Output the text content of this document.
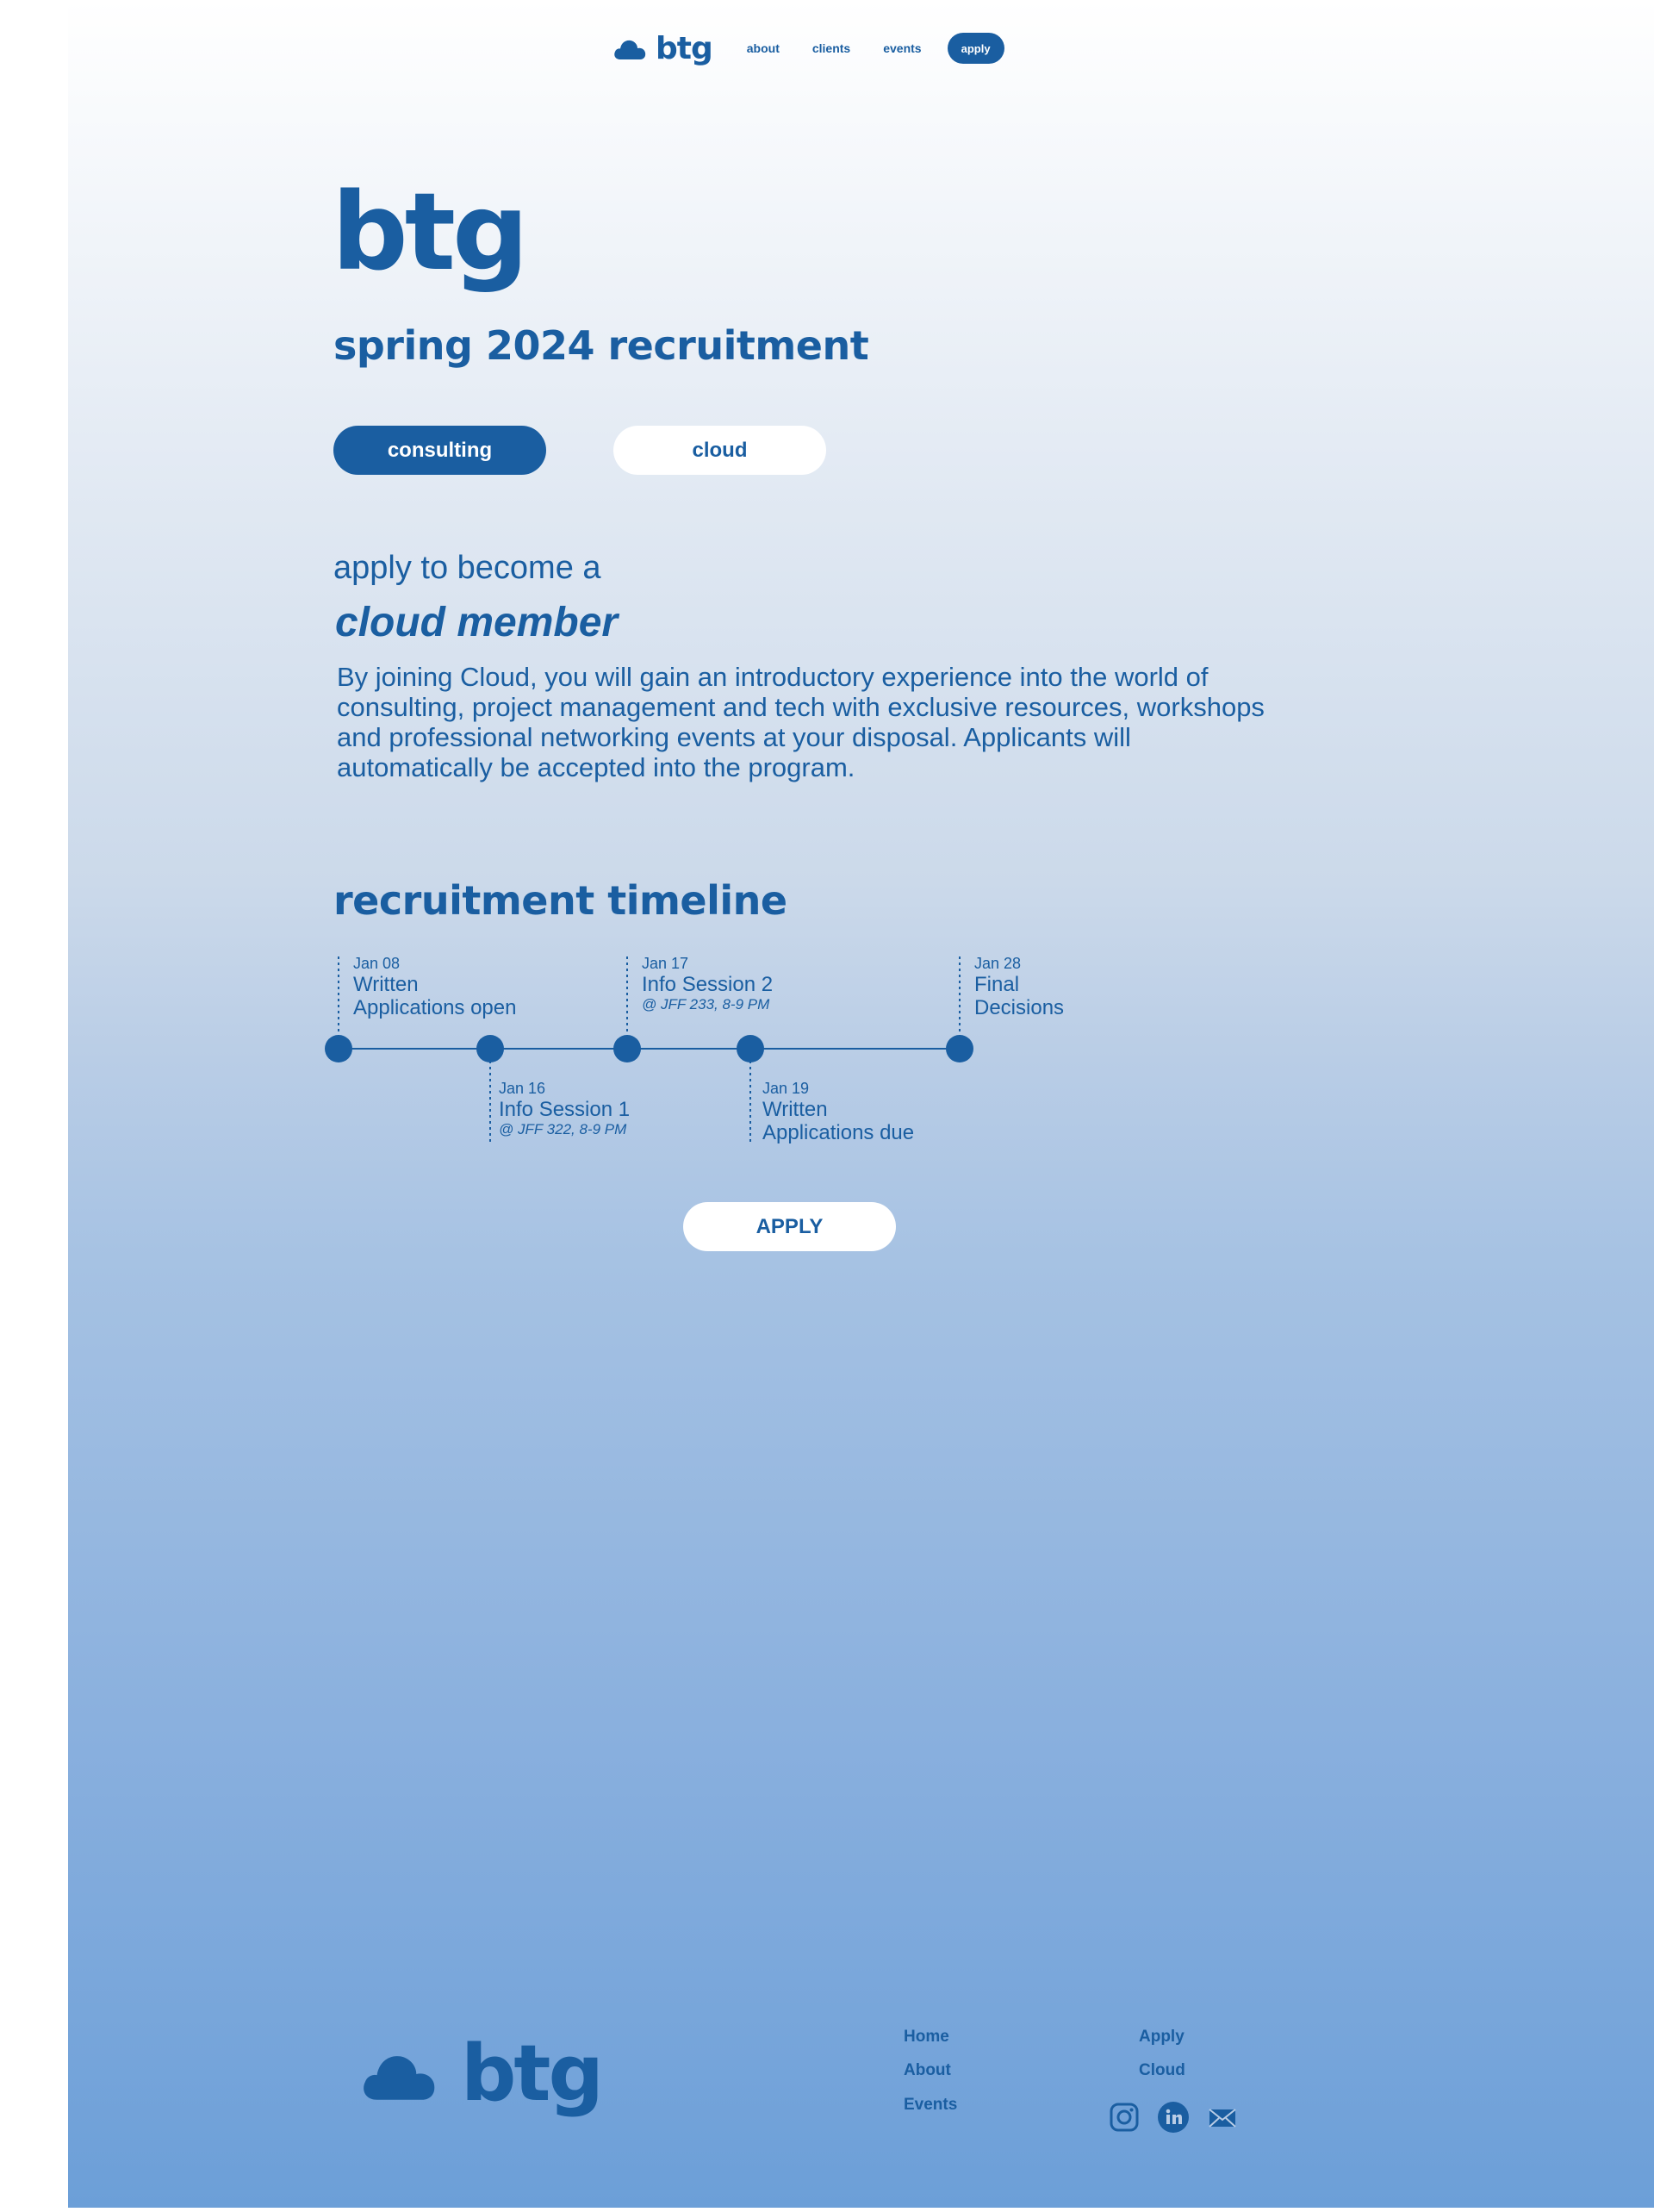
btg	about	clients	events	apply
btg
spring 2024 recruitment
consulting	cloud
apply to become a
cloud member
By joining Cloud, you will gain an introductory experience into the world of consulting, project management and tech with exclusive resources, workshops and professional networking events at your disposal. Applicants will automatically be accepted into the program.
recruitment timeline
Jan 08
Written
Applications open
Jan 16
Info Session 1
@ JFF 322, 8-9 PM
Jan 17
Info Session 2
@ JFF 233, 8-9 PM
Jan 19
Written
Applications due
Jan 28
Final
Decisions
APPLY
btg	Home
About
Events
Apply
Cloud
